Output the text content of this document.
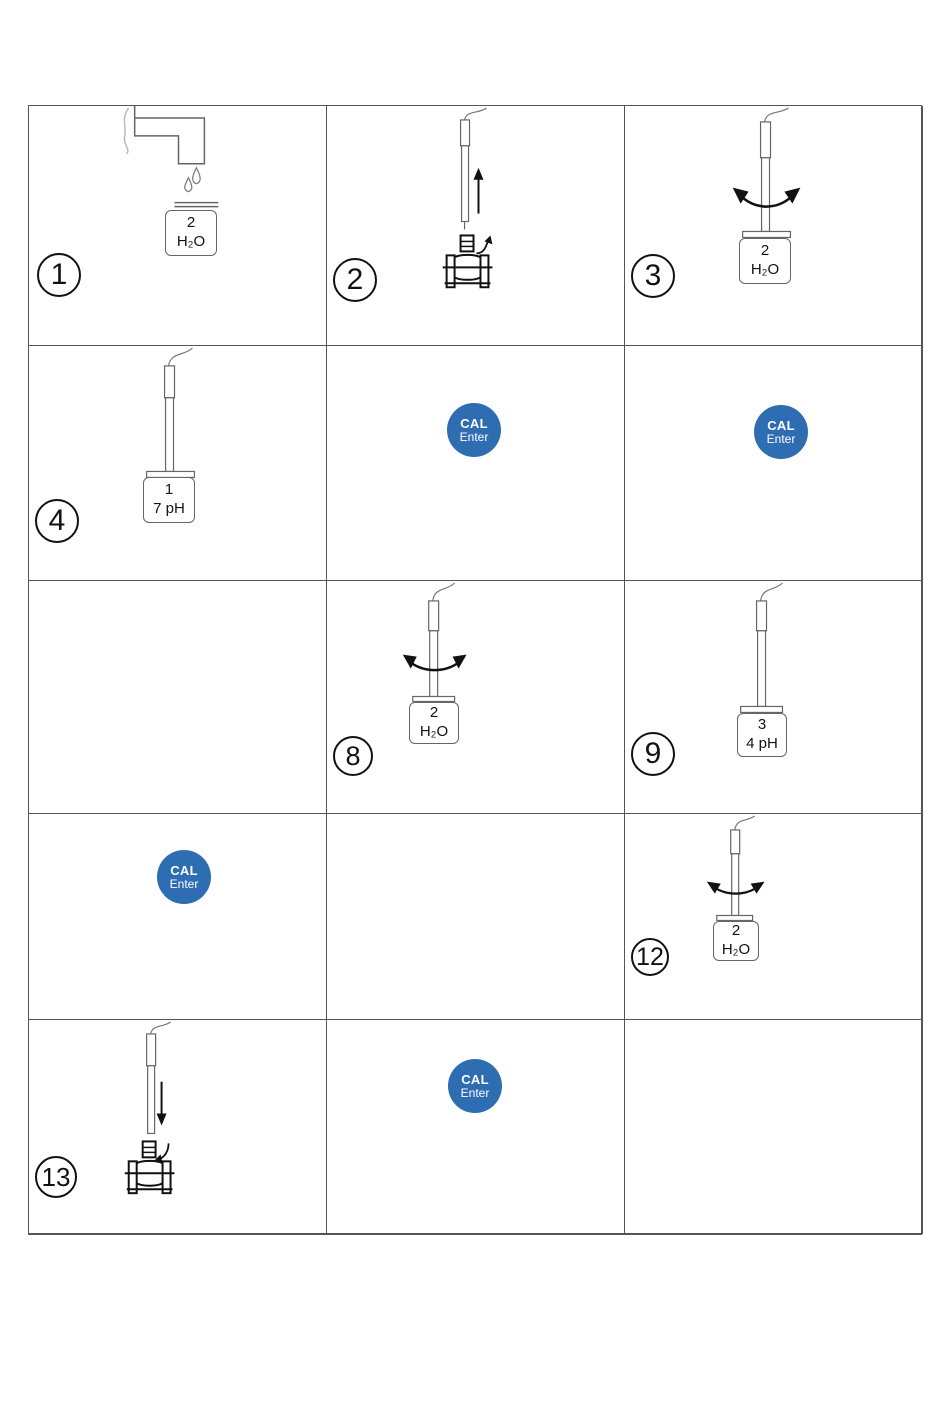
2
H₂O
1	2
2
H₂O
3
1
7 pH
4
CAL
Enter
CAL
Enter
2
H₂O
8
3
4 pH
9
CAL
Enter
2
H₂O
12
13
CAL
Enter
